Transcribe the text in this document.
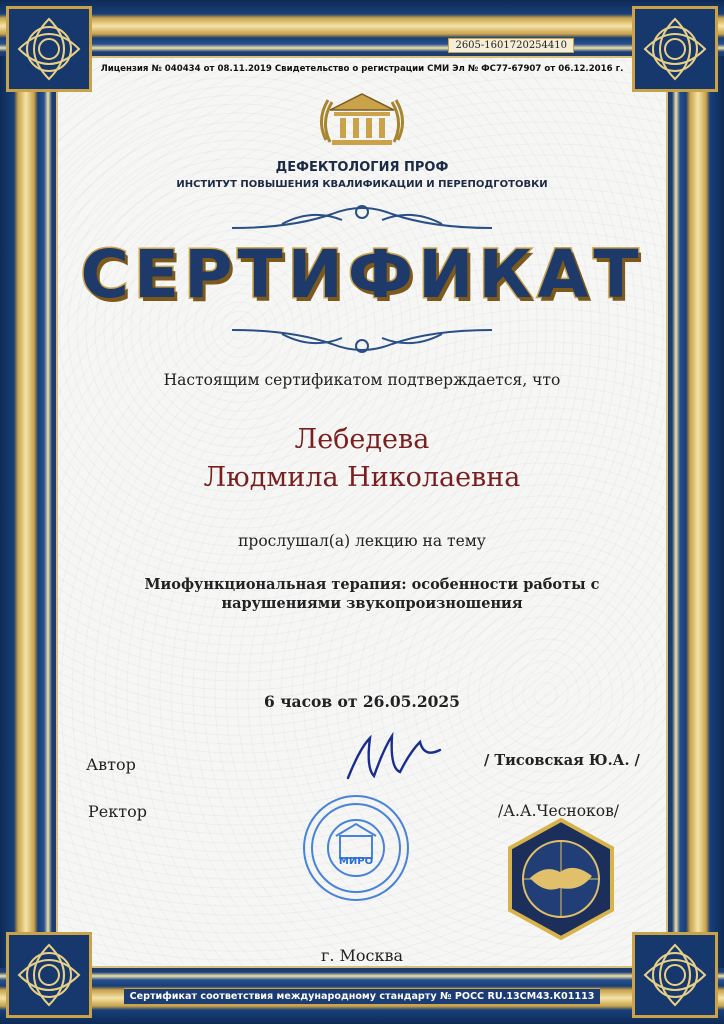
2605-1601720254410
Лицензия № 040434 от 08.11.2019 Свидетельство о регистрации СМИ Эл № ФС77-67907 от 06.12.2016 г.
ДЕФЕКТОЛОГИЯ ПРОФ
ИНСТИТУТ ПОВЫШЕНИЯ КВАЛИФИКАЦИИ И ПЕРЕПОДГОТОВКИ
СЕРТИФИКАТ
Настоящим сертификатом подтверждается, что
Лебедева
Людмила Николаевна
прослушал(а) лекцию на тему
Миофункциональная терапия: особенности работы с нарушениями звукопроизношения
6 часов от 26.05.2025
Автор	/ Тисовская Ю.А. /
Ректор	/А.А.Чесноков/
МИРО
г. Москва
Сертификат соответствия международному стандарту № РОСС RU.13СМ43.К01113
